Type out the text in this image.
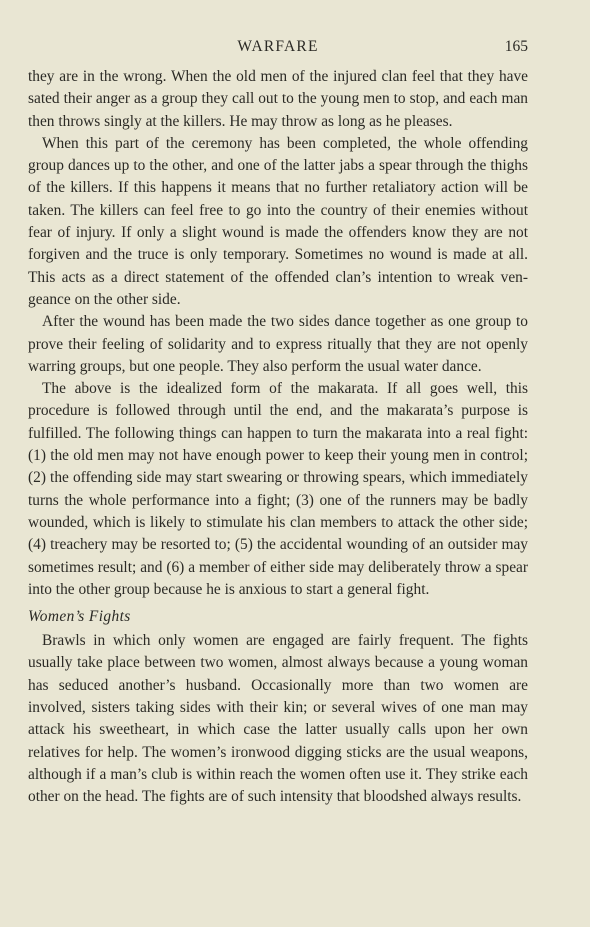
WARFARE	165

they are in the wrong. When the old men of the injured clan feel that they have sated their anger as a group they call out to the young men to stop, and each man then throws singly at the killers. He may throw as long as he pleases.

When this part of the ceremony has been completed, the whole offending group dances up to the other, and one of the latter jabs a spear through the thighs of the killers. If this happens it means that no further retaliatory action will be taken. The killers can feel free to go into the country of their enemies without fear of injury. If only a slight wound is made the offenders know they are not forgiven and the truce is only temporary. Sometimes no wound is made at all. This acts as a direct statement of the offended clan’s intention to wreak vengeance on the other side.

After the wound has been made the two sides dance together as one group to prove their feeling of solidarity and to express ritually that they are not openly warring groups, but one people. They also perform the usual water dance.

The above is the idealized form of the makarata. If all goes well, this procedure is followed through until the end, and the makarata’s purpose is fulfilled. The following things can happen to turn the makarata into a real fight: (1) the old men may not have enough power to keep their young men in control; (2) the offending side may start swearing or throwing spears, which immediately turns the whole performance into a fight; (3) one of the runners may be badly wounded, which is likely to stimulate his clan members to attack the other side; (4) treachery may be resorted to; (5) the accidental wounding of an outsider may sometimes result; and (6) a member of either side may deliberately throw a spear into the other group because he is anxious to start a general fight.

Women’s Fights

Brawls in which only women are engaged are fairly frequent. The fights usually take place between two women, almost always because a young woman has seduced another’s husband. Occasionally more than two women are involved, sisters taking sides with their kin; or several wives of one man may attack his sweetheart, in which case the latter usually calls upon her own relatives for help. The women’s ironwood digging sticks are the usual weapons, although if a man’s club is within reach the women often use it. They strike each other on the head. The fights are of such intensity that bloodshed always results.
